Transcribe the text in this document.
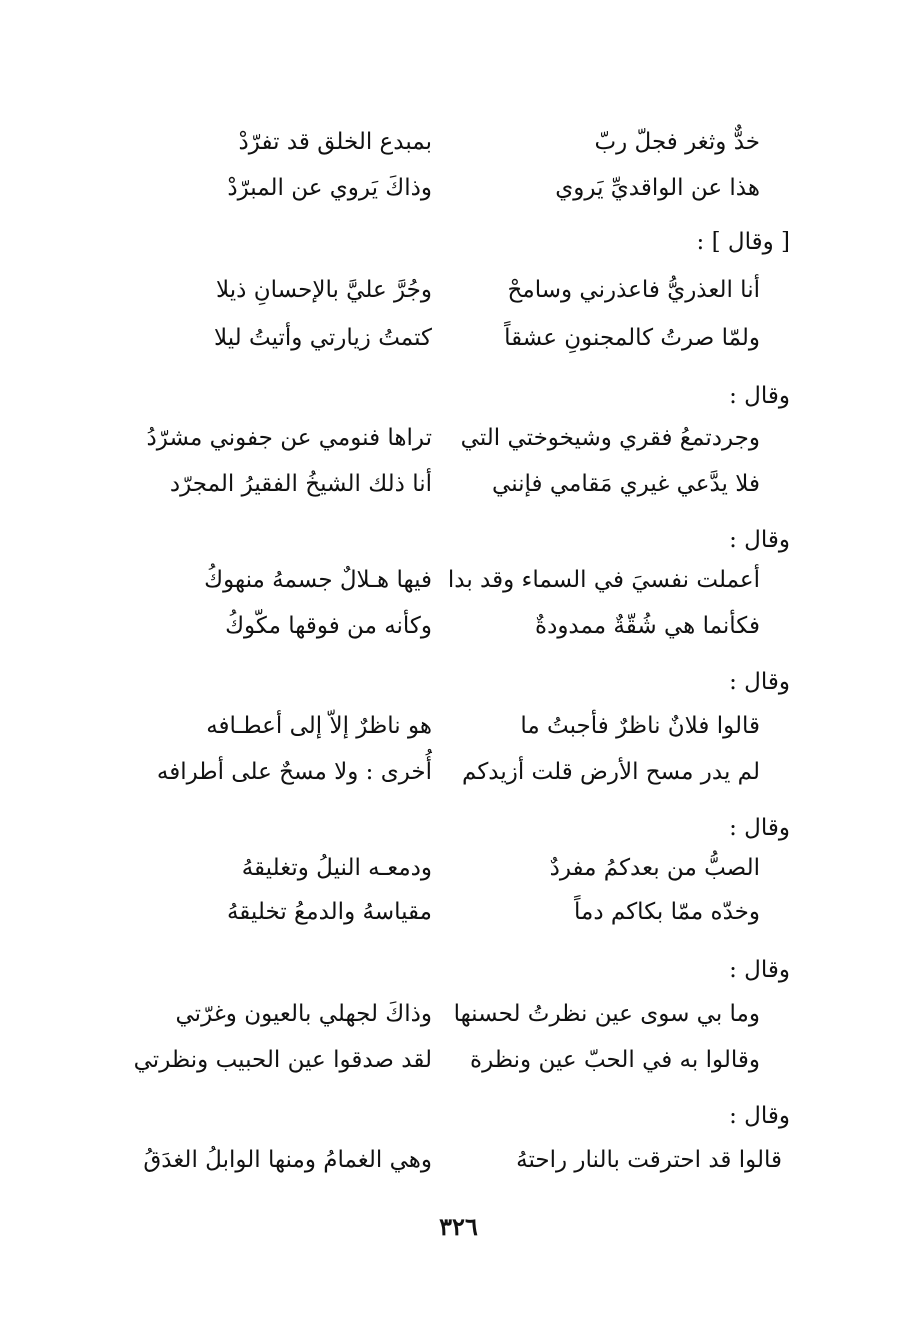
خدٌّ وثغر فجلّ ربّ
بمبدع الخلق قد تفرّدْ
هذا عن الواقديِّ يَروي
وذاكَ يَروي عن المبرّدْ
[ وقال ] :
أنا العذريُّ فاعذرني وسامحْ
وجُرَّ عليَّ بالإحسانِ ذيلا
ولمّا صرتُ كالمجنونِ عشقاً
كتمتُ زيارتي وأتيتُ ليلا
وقال :
وجردتمعُ فقري وشيخوختي التي
تراها فنومي عن جفوني مشرّدُ
فلا يدَّعي غيري مَقامي فإنني
أنا ذلك الشيخُ الفقيرُ المجرّد
وقال :
أعملت نفسيَ في السماء وقد بدا
فيها هـلالٌ جسمهُ منهوكُ
فكأنما هي شُقّةٌ ممدودةٌ
وكأنه من فوقها مكّوكُ
وقال :
قالوا فلانٌ ناظرٌ فأجبتُ ما
هو ناظرٌ إلاّ إلى أعطـافه
لم يدر مسح الأرض قلت أزيدكم
أُخرى : ولا مسحٌ على أطرافه
وقال :
الصبُّ من بعدكمُ مفردٌ
ودمعـه النيلُ وتغليقهُ
وخدّه ممّا بكاكم دماً
مقياسهُ والدمعُ تخليقهُ
وقال :
وما بي سوى عين نظرتُ لحسنها
وذاكَ لجهلي بالعيون وغرّتي
وقالوا به في الحبّ عين ونظرة
لقد صدقوا عين الحبيب ونظرتي
وقال :
قالوا قد احترقت بالنار راحتهُ
وهي الغمامُ ومنها الوابلُ الغدَقُ
٣٢٦
